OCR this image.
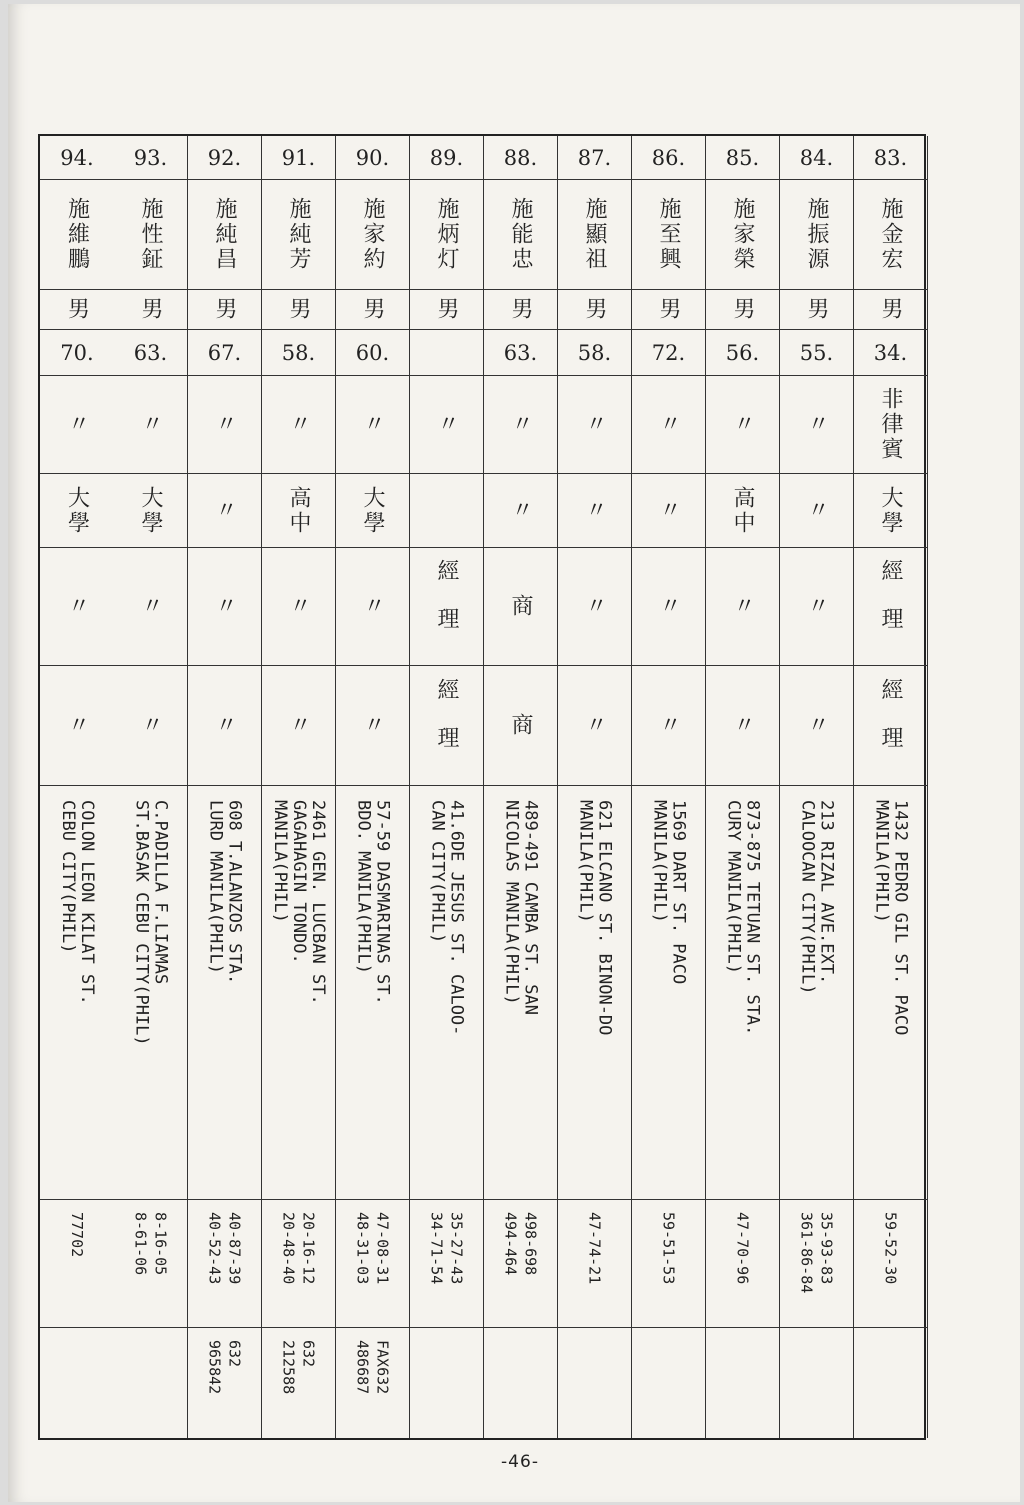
83.
施金宏
男
34.
非律賓
大學
經理
經理
1432 PEDRO GIL ST. PACO
MANILA(PHIL)
59-52-30
84.
施振源
男
55.
〃
〃
〃
〃
213 RIZAL AVE.EXT.
CALOOCAN CITY(PHIL)
35-93-83
361-86-84
85.
施家榮
男
56.
〃
高中
〃
〃
873-875 TETUAN ST. STA.
CURY MANILA(PHIL)
47-70-96
86.
施至興
男
72.
〃
〃
〃
〃
1569 DART ST. PACO
MANILA(PHIL)
59-51-53
87.
施顯祖
男
58.
〃
〃
〃
〃
621 ELCANO ST. BINON-DO
MANILA(PHIL)
47-74-21
88.
施能忠
男
63.
〃
〃
商
商
489-491 CAMBA ST. SAN
NICOLAS MANILA(PHIL)
498-698
494-464
89.
施炳灯
男
〃
經理
經理
41.6DE JESUS ST. CALOO-
CAN CITY(PHIL)
35-27-43
34-71-54
90.
施家約
男
60.
〃
大學
〃
〃
57-59 DASMARINAS ST.
BDO. MANILA(PHIL)
47-08-31
48-31-03
FAX632
486687
91.
施純芳
男
58.
〃
高中
〃
〃
2461 GEN. LUCBAN ST.
GAGAHAGIN TONDO.
MANILA(PHIL)
20-16-12
20-48-40
632
212588
92.
施純昌
男
67.
〃
〃
〃
〃
608 T.ALANZOS STA.
LURD MANILA(PHIL)
40-87-39
40-52-43
632
965842
93.
施性鉦
男
63.
〃
大學
〃
〃
C.PADILLA F.LIAMAS
ST.BASAK CEBU CITY(PHIL)
8-16-05
8-61-06
94.
施維鵬
男
70.
〃
大學
〃
〃
COLON LEON KILAT ST.
CEBU CITY(PHIL)
77702
-46-
